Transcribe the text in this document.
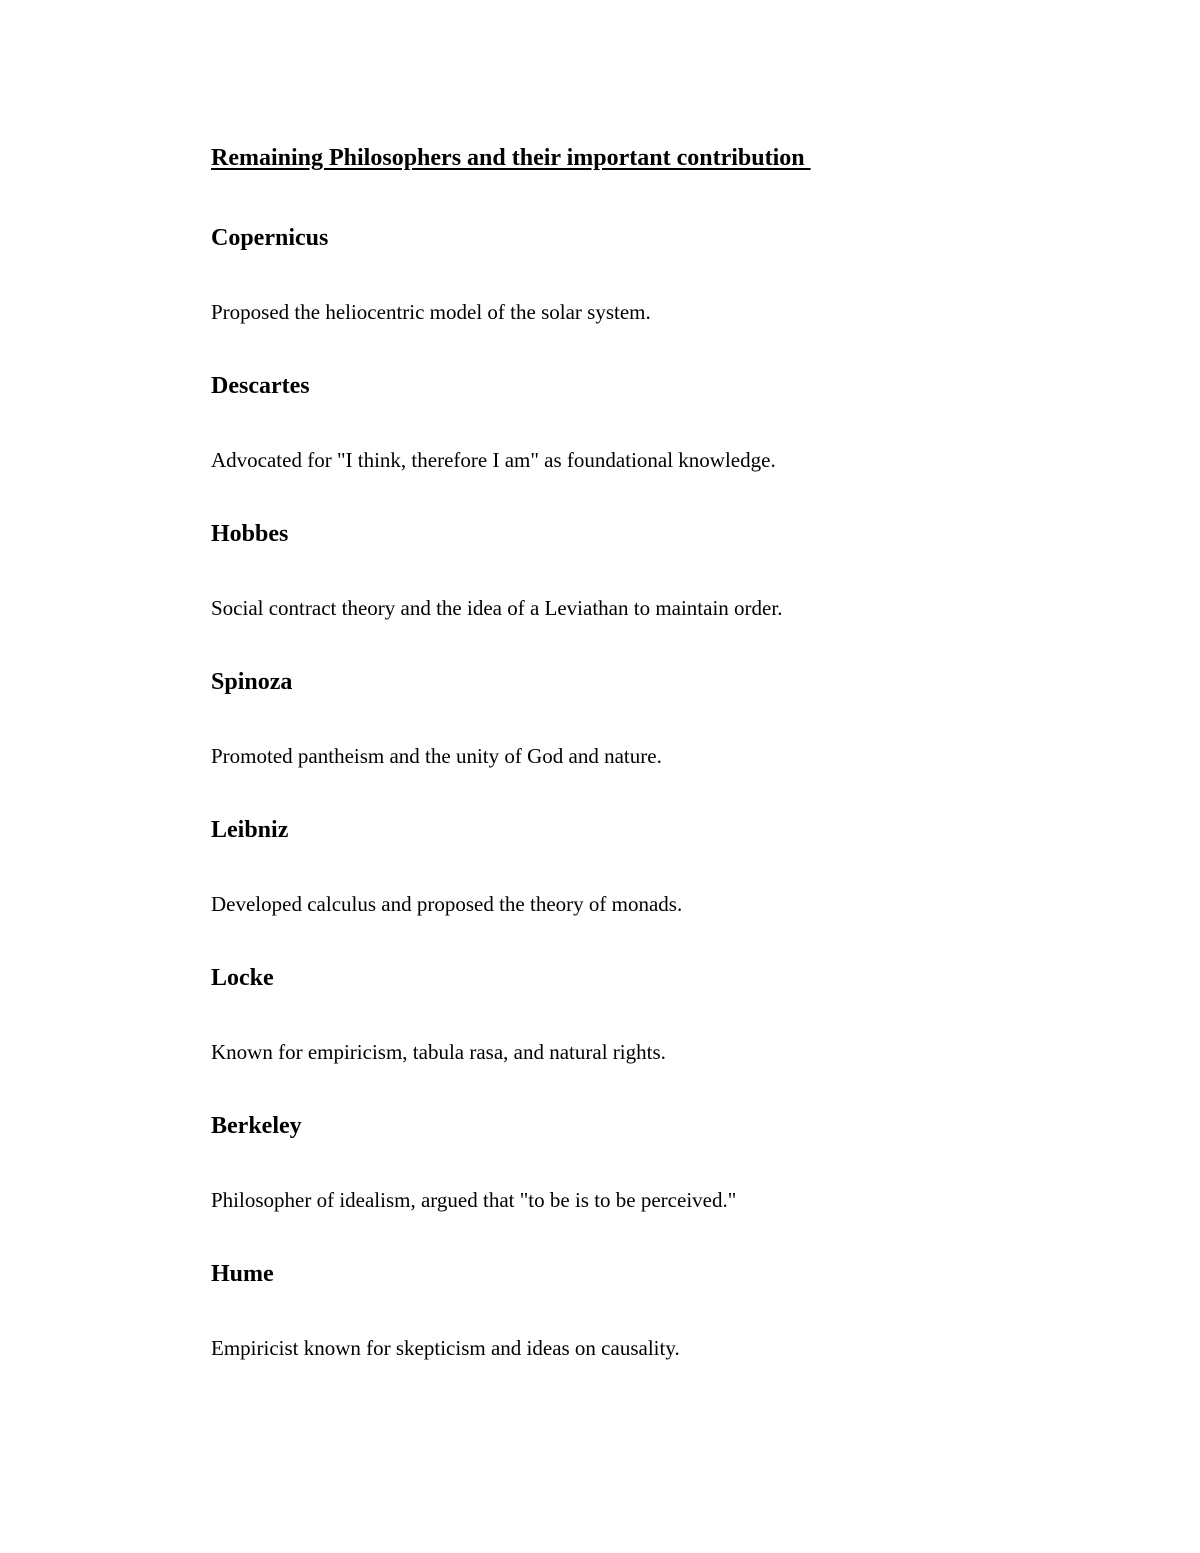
Remaining Philosophers and their important contribution
Copernicus

Proposed the heliocentric model of the solar system.

Descartes

Advocated for "I think, therefore I am" as foundational knowledge.

Hobbes

Social contract theory and the idea of a Leviathan to maintain order.

Spinoza

Promoted pantheism and the unity of God and nature.

Leibniz

Developed calculus and proposed the theory of monads.

Locke

Known for empiricism, tabula rasa, and natural rights.

Berkeley

Philosopher of idealism, argued that "to be is to be perceived."

Hume

Empiricist known for skepticism and ideas on causality.
